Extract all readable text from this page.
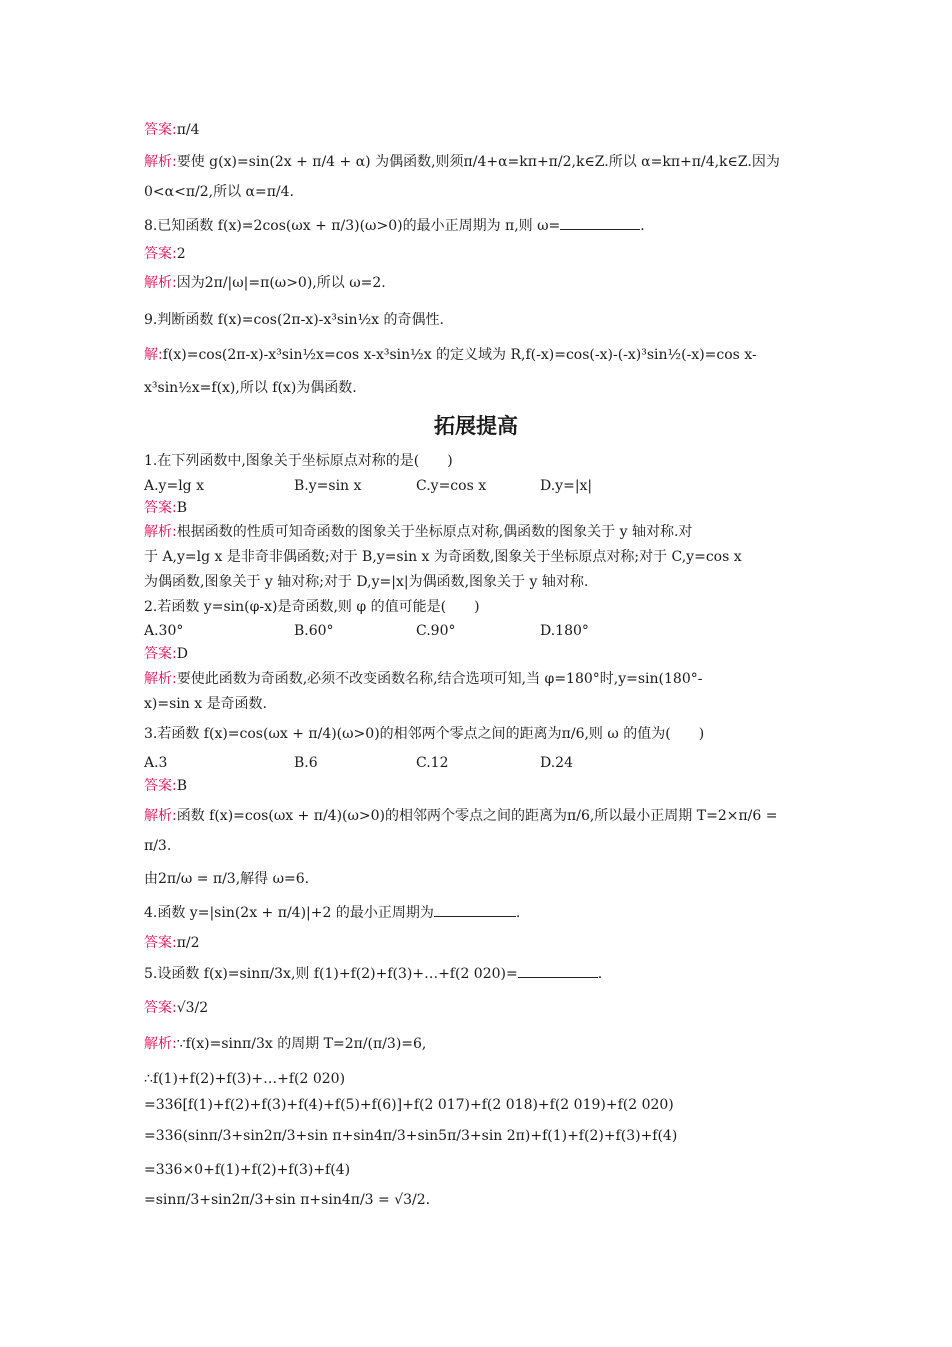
答案:π/4
解析:要使 g(x)=sin(2x + π/4 + α) 为偶函数,则须π/4+α=kπ+π/2,k∈Z.所以 α=kπ+π/4,k∈Z.因为
0<α<π/2,所以 α=π/4.
8.已知函数 f(x)=2cos(ωx + π/3)(ω>0)的最小正周期为 π,则 ω=	.
答案:2
解析:因为2π/|ω|=π(ω>0),所以 ω=2.
9.判断函数 f(x)=cos(2π-x)-x³sin½x 的奇偶性.
解:f(x)=cos(2π-x)-x³sin½x=cos x-x³sin½x 的定义域为 R,f(-x)=cos(-x)-(-x)³sin½(-x)=cos x-
x³sin½x=f(x),所以 f(x)为偶函数.
拓展提高
1.在下列函数中,图象关于坐标原点对称的是(　　)
A.y=lg x	B.y=sin x	C.y=cos x	D.y=|x|
答案:B
解析:根据函数的性质可知奇函数的图象关于坐标原点对称,偶函数的图象关于 y 轴对称.对
于 A,y=lg x 是非奇非偶函数;对于 B,y=sin x 为奇函数,图象关于坐标原点对称;对于 C,y=cos x
为偶函数,图象关于 y 轴对称;对于 D,y=|x|为偶函数,图象关于 y 轴对称.
2.若函数 y=sin(φ-x)是奇函数,则 φ 的值可能是(　　)
A.30°	B.60°	C.90°	D.180°
答案:D
解析:要使此函数为奇函数,必须不改变函数名称,结合选项可知,当 φ=180°时,y=sin(180°-
x)=sin x 是奇函数.
3.若函数 f(x)=cos(ωx + π/4)(ω>0)的相邻两个零点之间的距离为π/6,则 ω 的值为(　　)
A.3	B.6	C.12	D.24
答案:B
解析:函数 f(x)=cos(ωx + π/4)(ω>0)的相邻两个零点之间的距离为π/6,所以最小正周期 T=2×π/6 =
π/3.
由2π/ω = π/3,解得 ω=6.
4.函数 y=|sin(2x + π/4)|+2 的最小正周期为	.
答案:π/2
5.设函数 f(x)=sinπ/3x,则 f(1)+f(2)+f(3)+…+f(2 020)=	.
答案:√3/2
解析:∵f(x)=sinπ/3x 的周期 T=2π/(π/3)=6,
∴f(1)+f(2)+f(3)+…+f(2 020)
=336[f(1)+f(2)+f(3)+f(4)+f(5)+f(6)]+f(2 017)+f(2 018)+f(2 019)+f(2 020)
=336(sinπ/3+sin2π/3+sin π+sin4π/3+sin5π/3+sin 2π)+f(1)+f(2)+f(3)+f(4)
=336×0+f(1)+f(2)+f(3)+f(4)
=sinπ/3+sin2π/3+sin π+sin4π/3 = √3/2.
